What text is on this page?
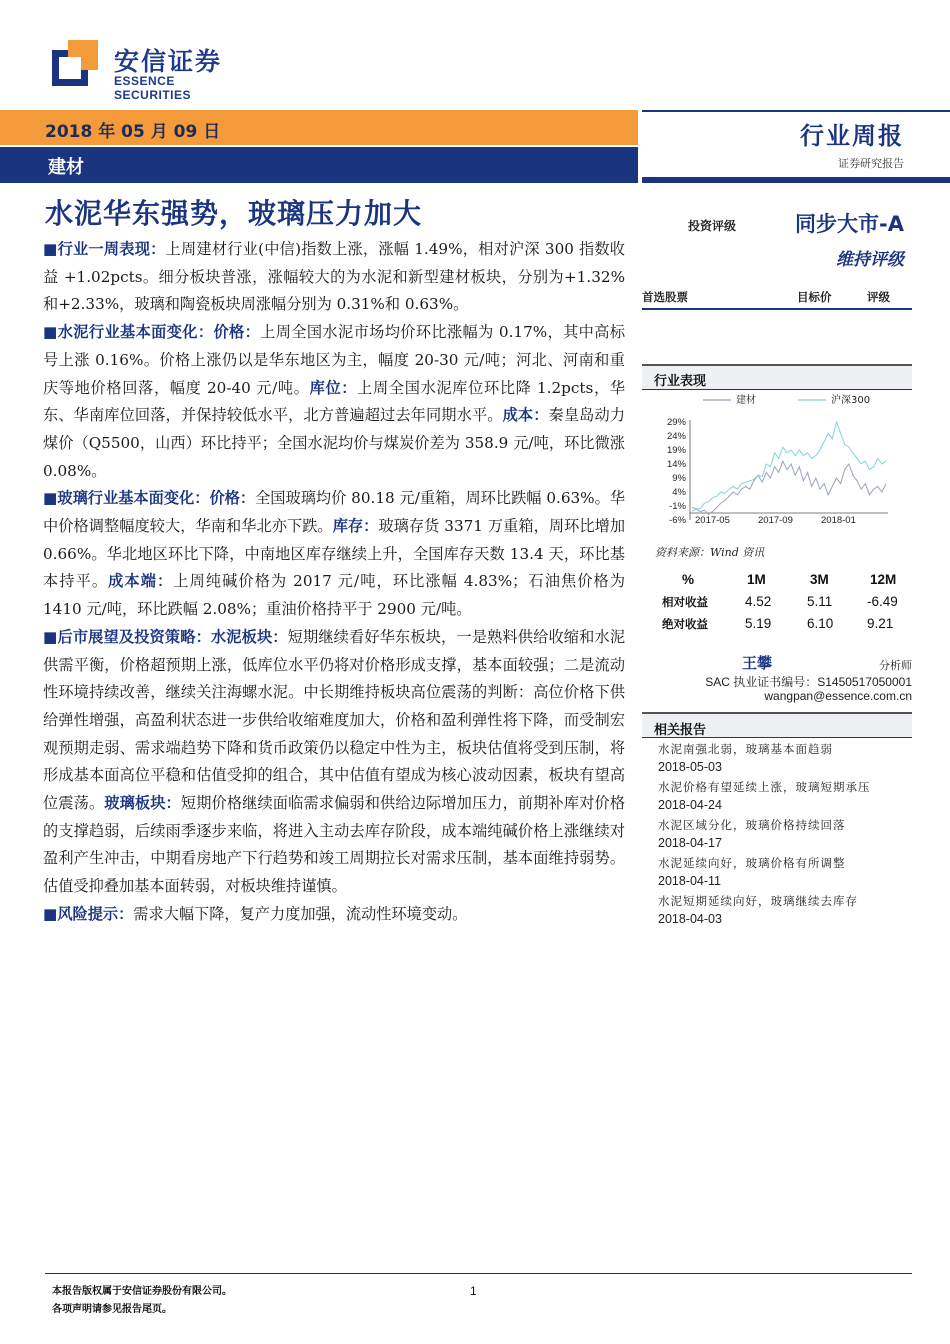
安信证券
ESSENCE SECURITIES
2018 年 05 月 09 日
建材
行业周报
证券研究报告
水泥华东强势，玻璃压力加大

■行业一周表现：上周建材行业(中信)指数上涨，涨幅 1.49%，相对沪深 300 指数收益 +1.02pcts。细分板块普涨，涨幅较大的为水泥和新型建材板块，分别为+1.32%和+2.33%，玻璃和陶瓷板块周涨幅分别为 0.31%和 0.63%。

■水泥行业基本面变化：价格：上周全国水泥市场均价环比涨幅为 0.17%，其中高标号上涨 0.16%。价格上涨仍以是华东地区为主，幅度 20-30 元/吨；河北、河南和重庆等地价格回落，幅度 20-40 元/吨。库位：上周全国水泥库位环比降 1.2pcts，华东、华南库位回落，并保持较低水平，北方普遍超过去年同期水平。成本：秦皇岛动力煤价（Q5500，山西）环比持平；全国水泥均价与煤炭价差为 358.9 元/吨，环比微涨 0.08%。

■玻璃行业基本面变化：价格：全国玻璃均价 80.18 元/重箱，周环比跌幅 0.63%。华中价格调整幅度较大，华南和华北亦下跌。库存：玻璃存货 3371 万重箱，周环比增加 0.66%。华北地区环比下降，中南地区库存继续上升，全国库存天数 13.4 天，环比基本持平。成本端：上周纯碱价格为 2017 元/吨，环比涨幅 4.83%；石油焦价格为 1410 元/吨，环比跌幅 2.08%；重油价格持平于 2900 元/吨。

■后市展望及投资策略：水泥板块：短期继续看好华东板块，一是熟料供给收缩和水泥供需平衡，价格超预期上涨，低库位水平仍将对价格形成支撑，基本面较强；二是流动性环境持续改善，继续关注海螺水泥。中长期维持板块高位震荡的判断：高位价格下供给弹性增强，高盈利状态进一步供给收缩难度加大，价格和盈利弹性将下降，而受制宏观预期走弱、需求端趋势下降和货币政策仍以稳定中性为主，板块估值将受到压制，将形成基本面高位平稳和估值受抑的组合，其中估值有望成为核心波动因素，板块有望高位震荡。玻璃板块：短期价格继续面临需求偏弱和供给边际增加压力，前期补库对价格的支撑趋弱，后续雨季逐步来临，将进入主动去库存阶段，成本端纯碱价格上涨继续对盈利产生冲击，中期看房地产下行趋势和竣工周期拉长对需求压制，基本面维持弱势。估值受抑叠加基本面转弱，对板块维持谨慎。

■风险提示：需求大幅下降，复产力度加强，流动性环境变动。

投资评级	同步大市-A
维持评级
首选股票	目标价	评级
行业表现
建材	沪深300
29%
24%
19%
14%
9%
4%
-1%
-6% 2017-05	2017-09	2018-01
资料来源：Wind 资讯
%	1M	3M	12M
相对收益	4.52	5.11	-6.49
绝对收益	5.19	6.10 9.21
王攀	分析师
SAC 执业证书编号：S1450517050001
wangpan@essence.com.cn
相关报告
水泥南强北弱，玻璃基本面趋弱
2018-05-03
水泥价格有望延续上涨，玻璃短期承压
2018-04-24
水泥区域分化，玻璃价格持续回落
2018-04-17
水泥延续向好，玻璃价格有所调整
2018-04-11
水泥短期延续向好，玻璃继续去库存
2018-04-03
本报告版权属于安信证券股份有限公司。
各项声明请参见报告尾页。
1
